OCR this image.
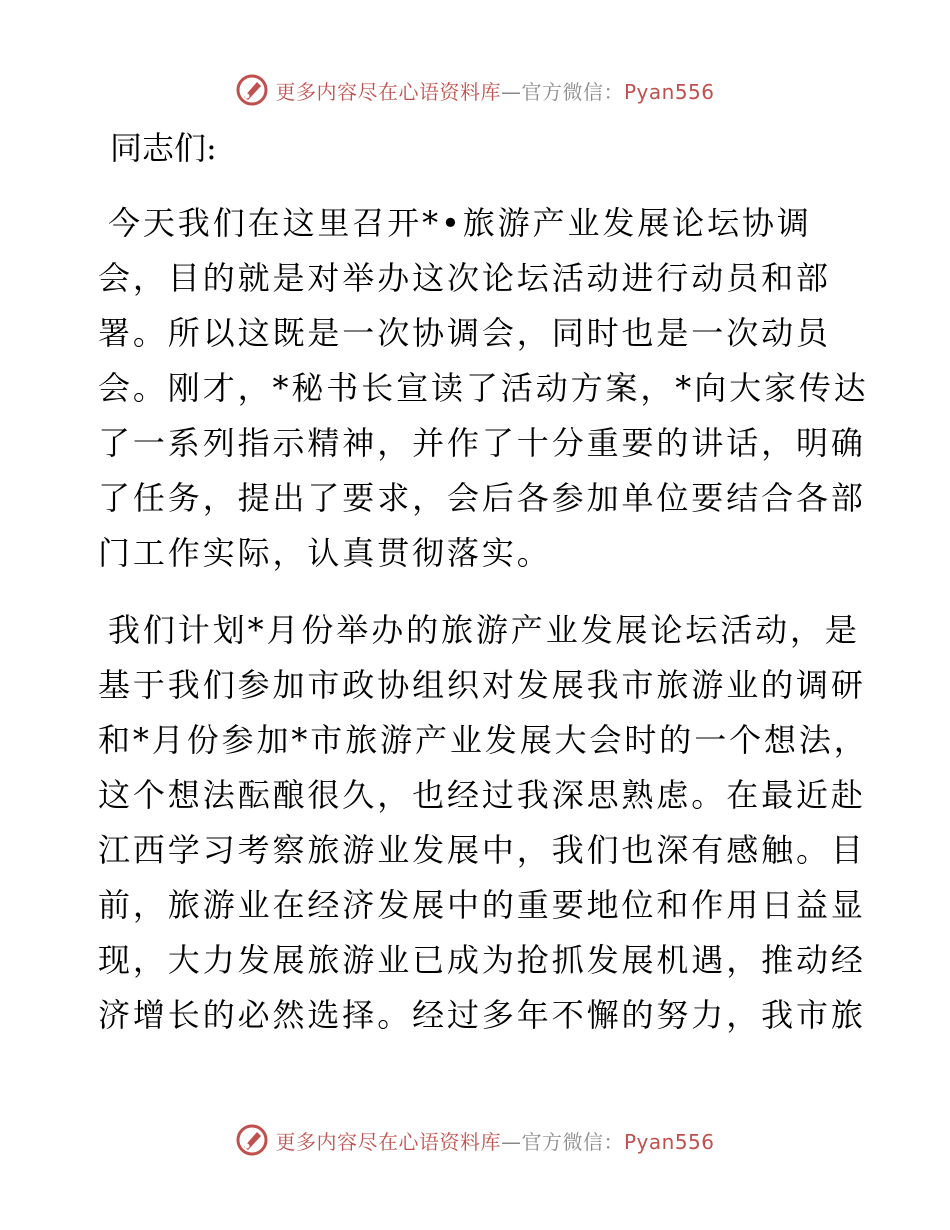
更多内容尽在心语资料库—官方微信：Pyan556
同志们:
今天我们在这里召开*•旅游产业发展论坛协调
会，目的就是对举办这次论坛活动进行动员和部
署。所以这既是一次协调会，同时也是一次动员
会。刚才，*秘书长宣读了活动方案，*向大家传达
了一系列指示精神，并作了十分重要的讲话，明确
了任务，提出了要求，会后各参加单位要结合各部
门工作实际，认真贯彻落实。
我们计划*月份举办的旅游产业发展论坛活动，是
基于我们参加市政协组织对发展我市旅游业的调研
和*月份参加*市旅游产业发展大会时的一个想法，
这个想法酝酿很久，也经过我深思熟虑。在最近赴
江西学习考察旅游业发展中，我们也深有感触。目
前，旅游业在经济发展中的重要地位和作用日益显
现，大力发展旅游业已成为抢抓发展机遇，推动经
济增长的必然选择。经过多年不懈的努力，我市旅
更多内容尽在心语资料库—官方微信：Pyan556
